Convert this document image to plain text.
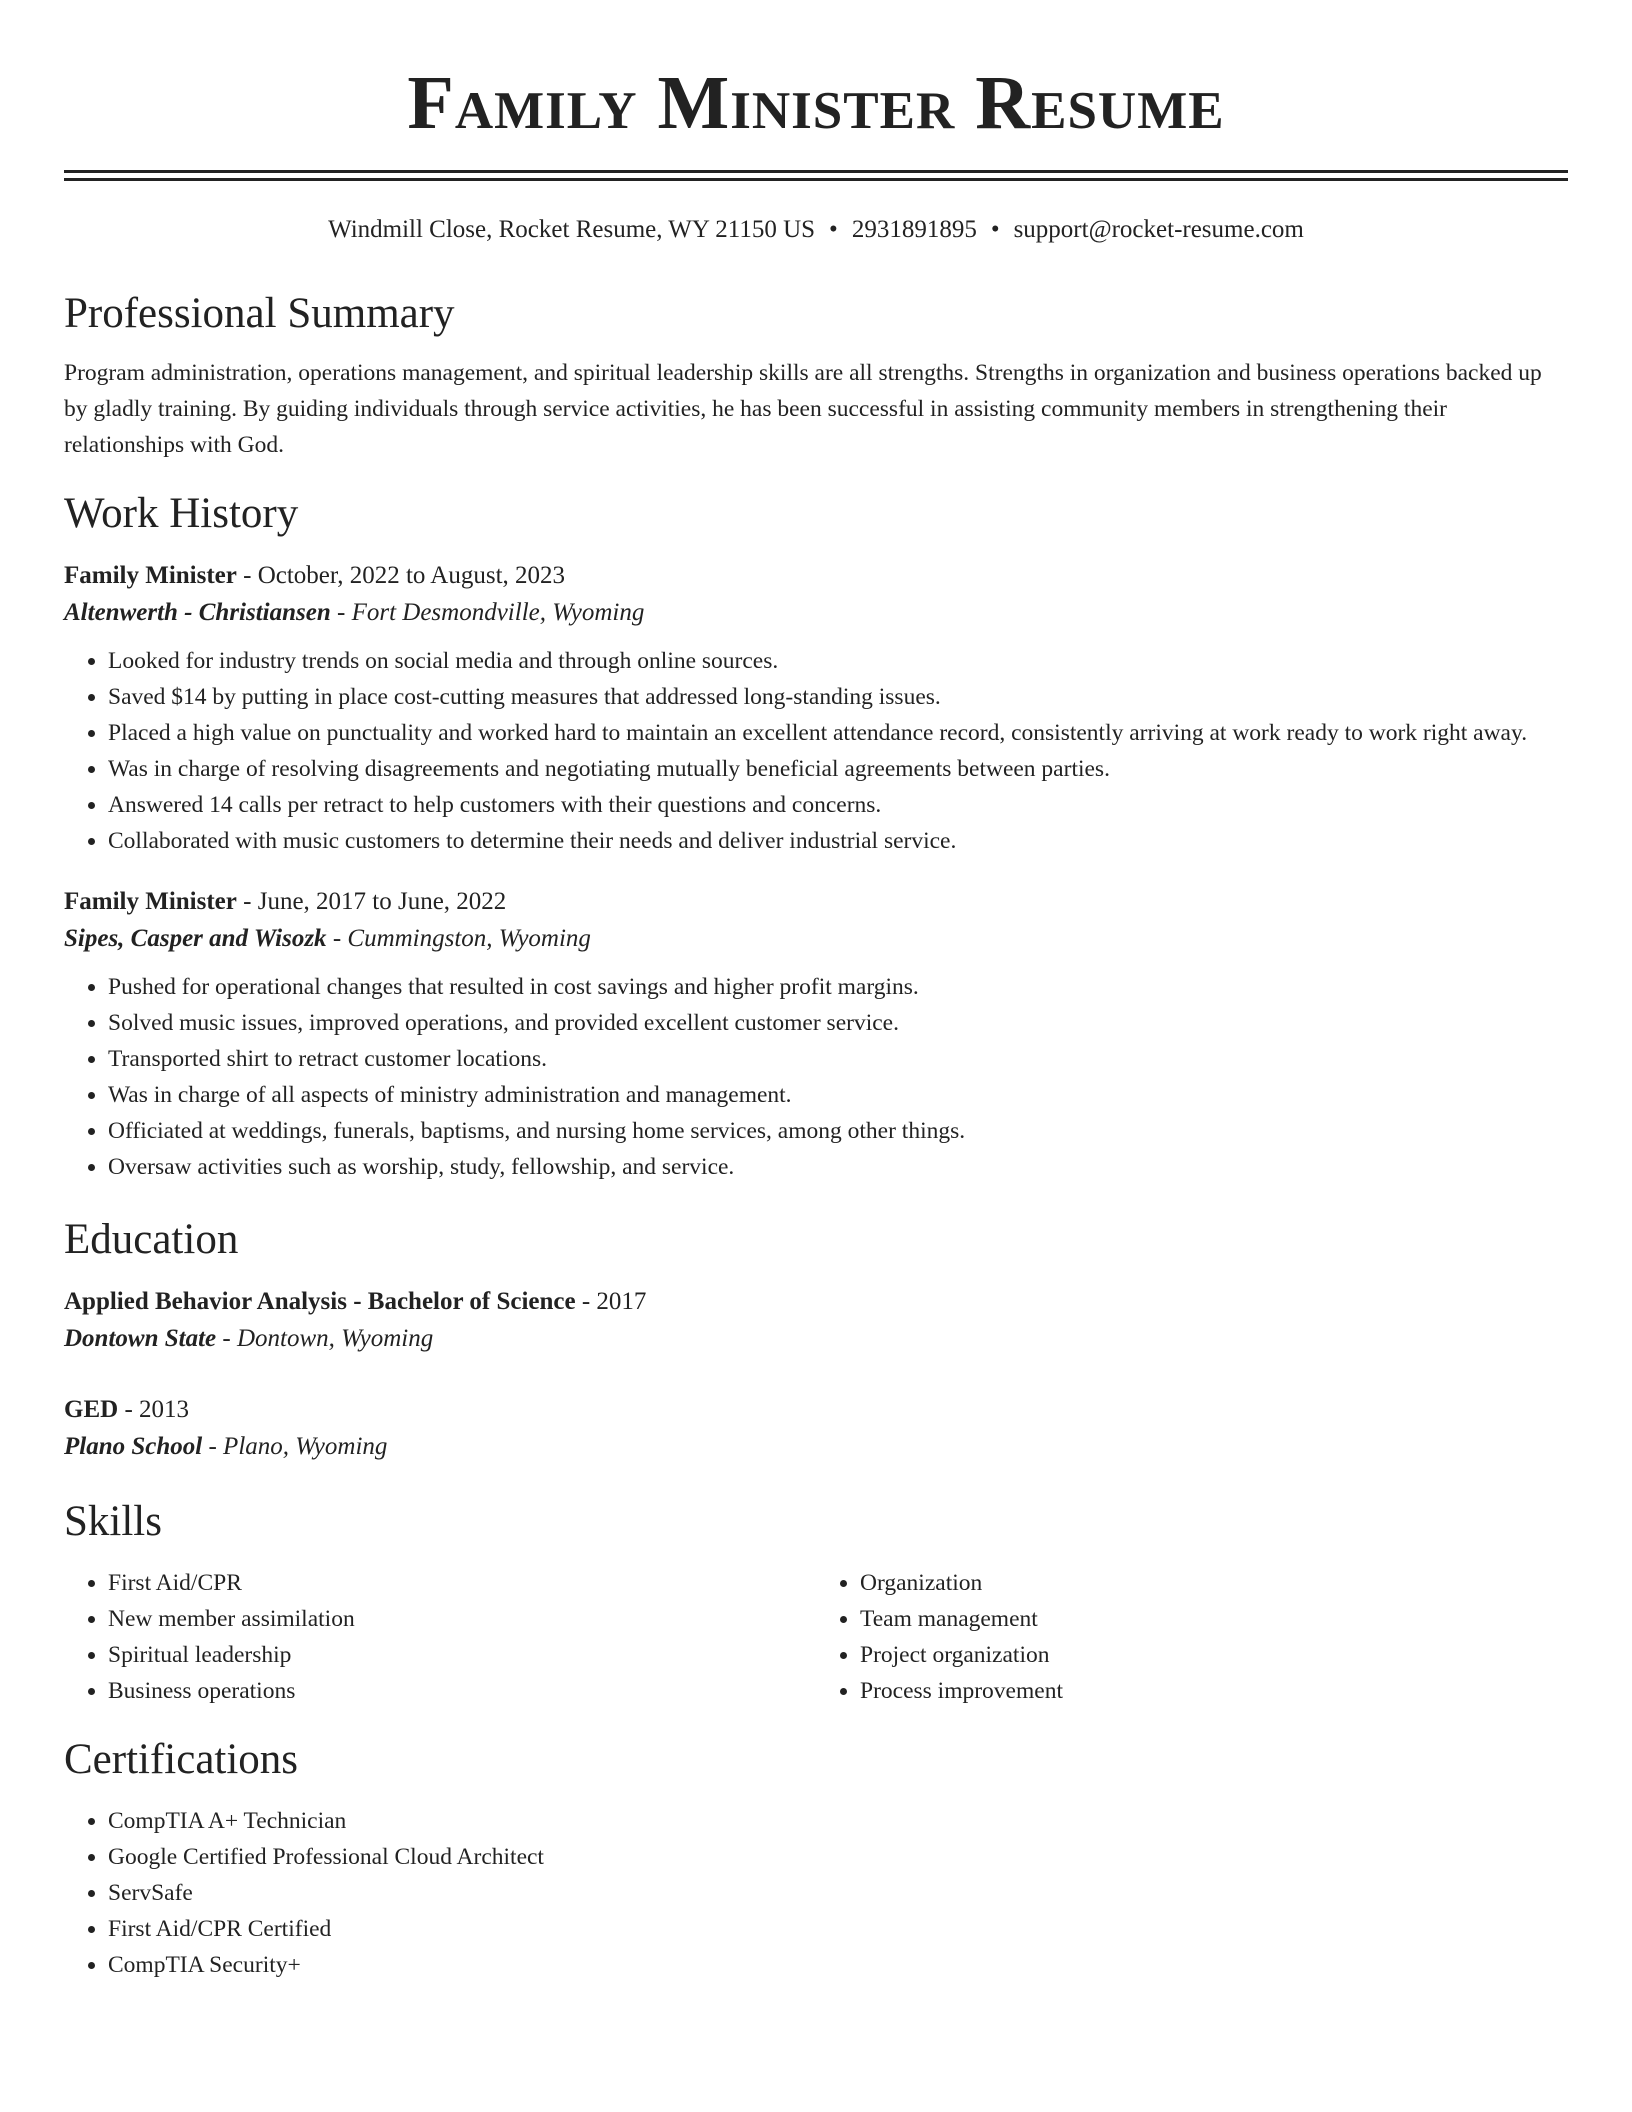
Family Minister Resume
Windmill Close, Rocket Resume, WY 21150 US • 2931891895 • support@rocket-resume.com
Professional Summary

Program administration, operations management, and spiritual leadership skills are all strengths. Strengths in organization and business operations backed up by gladly training. By guiding individuals through service activities, he has been successful in assisting community members in strengthening their relationships with God.

Work History
Family Minister - October, 2022 to August, 2023
Altenwerth - Christiansen - Fort Desmondville, Wyoming
• Looked for industry trends on social media and through online sources.
• Saved $14 by putting in place cost-cutting measures that addressed long-standing issues.
• Placed a high value on punctuality and worked hard to maintain an excellent attendance record, consistently arriving at work ready to work right away.
• Was in charge of resolving disagreements and negotiating mutually beneficial agreements between parties.
• Answered 14 calls per retract to help customers with their questions and concerns.
• Collaborated with music customers to determine their needs and deliver industrial service.
Family Minister - June, 2017 to June, 2022
Sipes, Casper and Wisozk - Cummingston, Wyoming
• Pushed for operational changes that resulted in cost savings and higher profit margins.
• Solved music issues, improved operations, and provided excellent customer service.
• Transported shirt to retract customer locations.
• Was in charge of all aspects of ministry administration and management.
• Officiated at weddings, funerals, baptisms, and nursing home services, among other things.
• Oversaw activities such as worship, study, fellowship, and service.
Education
Applied Behavior Analysis - Bachelor of Science - 2017
Dontown State - Dontown, Wyoming
GED - 2013
Plano School - Plano, Wyoming
Skills
• First Aid/CPR
• New member assimilation
• Spiritual leadership
• Business operations
• Organization
• Team management
• Project organization
• Process improvement
Certifications
• CompTIA A+ Technician
• Google Certified Professional Cloud Architect
• ServSafe
• First Aid/CPR Certified
• CompTIA Security+
